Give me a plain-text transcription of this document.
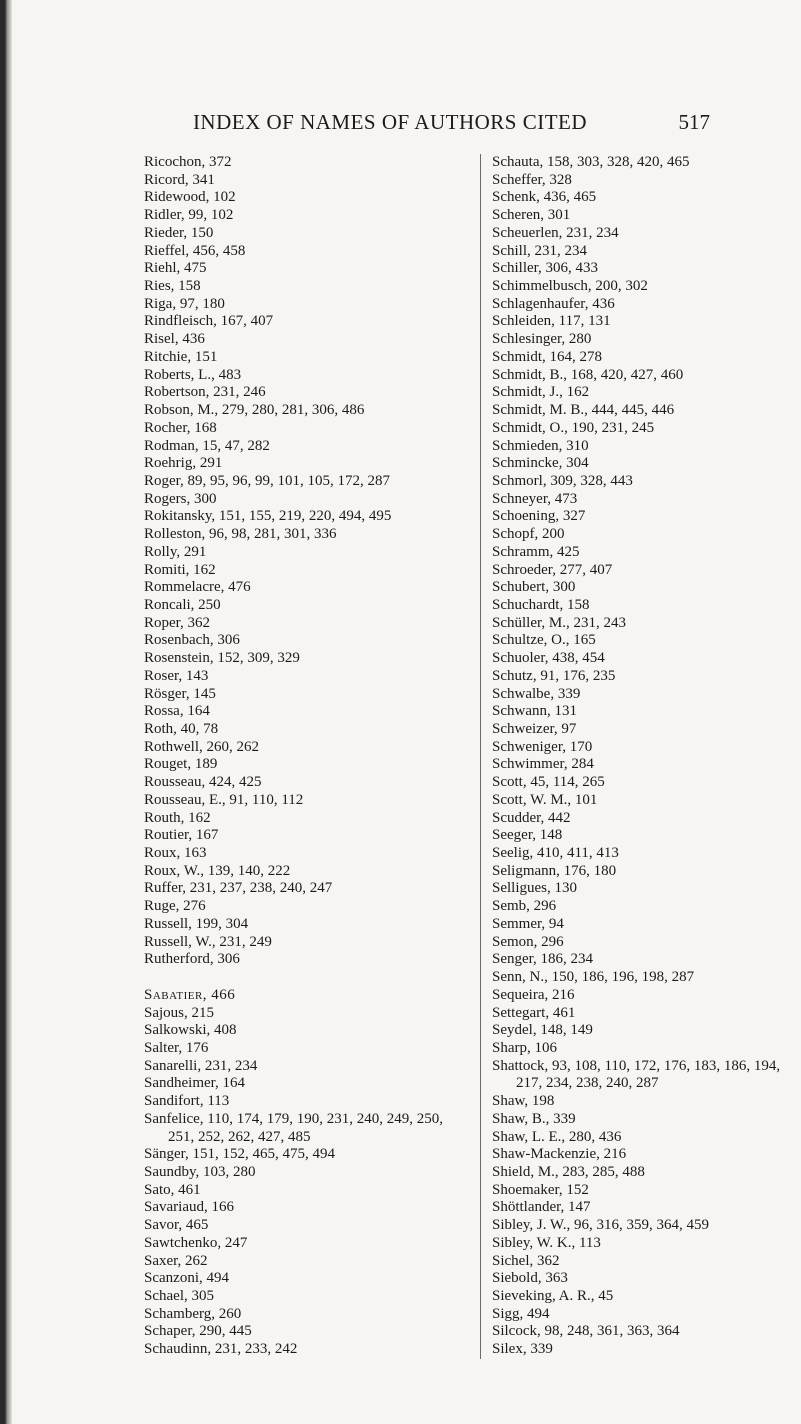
INDEX OF NAMES OF AUTHORS CITED	517
Ricochon, 372
Ricord, 341
Ridewood, 102
Ridler, 99, 102
Rieder, 150
Rieffel, 456, 458
Riehl, 475
Ries, 158
Riga, 97, 180
Rindfleisch, 167, 407
Risel, 436
Ritchie, 151
Roberts, L., 483
Robertson, 231, 246
Robson, M., 279, 280, 281, 306, 486
Rocher, 168
Rodman, 15, 47, 282
Roehrig, 291
Roger, 89, 95, 96, 99, 101, 105, 172, 287
Rogers, 300
Rokitansky, 151, 155, 219, 220, 494, 495
Rolleston, 96, 98, 281, 301, 336
Rolly, 291
Romiti, 162
Rommelacre, 476
Roncali, 250
Roper, 362
Rosenbach, 306
Rosenstein, 152, 309, 329
Roser, 143
Rösger, 145
Rossa, 164
Roth, 40, 78
Rothwell, 260, 262
Rouget, 189
Rousseau, 424, 425
Rousseau, E., 91, 110, 112
Routh, 162
Routier, 167
Roux, 163
Roux, W., 139, 140, 222
Ruffer, 231, 237, 238, 240, 247
Ruge, 276
Russell, 199, 304
Russell, W., 231, 249
Rutherford, 306
Sabatier, 466
Sajous, 215
Salkowski, 408
Salter, 176
Sanarelli, 231, 234
Sandheimer, 164
Sandifort, 113
Sanfelice, 110, 174, 179, 190, 231, 240, 249, 250, 251, 252, 262, 427, 485
Sänger, 151, 152, 465, 475, 494
Saundby, 103, 280
Sato, 461
Savariaud, 166
Savor, 465
Sawtchenko, 247
Saxer, 262
Scanzoni, 494
Schael, 305
Schamberg, 260
Schaper, 290, 445
Schaudinn, 231, 233, 242
Schauta, 158, 303, 328, 420, 465
Scheffer, 328
Schenk, 436, 465
Scheren, 301
Scheuerlen, 231, 234
Schill, 231, 234
Schiller, 306, 433
Schimmelbusch, 200, 302
Schlagenhaufer, 436
Schleiden, 117, 131
Schlesinger, 280
Schmidt, 164, 278
Schmidt, B., 168, 420, 427, 460
Schmidt, J., 162
Schmidt, M. B., 444, 445, 446
Schmidt, O., 190, 231, 245
Schmieden, 310
Schmincke, 304
Schmorl, 309, 328, 443
Schneyer, 473
Schoening, 327
Schopf, 200
Schramm, 425
Schroeder, 277, 407
Schubert, 300
Schuchardt, 158
Schüller, M., 231, 243
Schultze, O., 165
Schuoler, 438, 454
Schutz, 91, 176, 235
Schwalbe, 339
Schwann, 131
Schweizer, 97
Schweniger, 170
Schwimmer, 284
Scott, 45, 114, 265
Scott, W. M., 101
Scudder, 442
Seeger, 148
Seelig, 410, 411, 413
Seligmann, 176, 180
Selligues, 130
Semb, 296
Semmer, 94
Semon, 296
Senger, 186, 234
Senn, N., 150, 186, 196, 198, 287
Sequeira, 216
Settegart, 461
Seydel, 148, 149
Sharp, 106
Shattock, 93, 108, 110, 172, 176, 183, 186, 194, 217, 234, 238, 240, 287
Shaw, 198
Shaw, B., 339
Shaw, L. E., 280, 436
Shaw-Mackenzie, 216
Shield, M., 283, 285, 488
Shoemaker, 152
Shöttlander, 147
Sibley, J. W., 96, 316, 359, 364, 459
Sibley, W. K., 113
Sichel, 362
Siebold, 363
Sieveking, A. R., 45
Sigg, 494
Silcock, 98, 248, 361, 363, 364
Silex, 339
